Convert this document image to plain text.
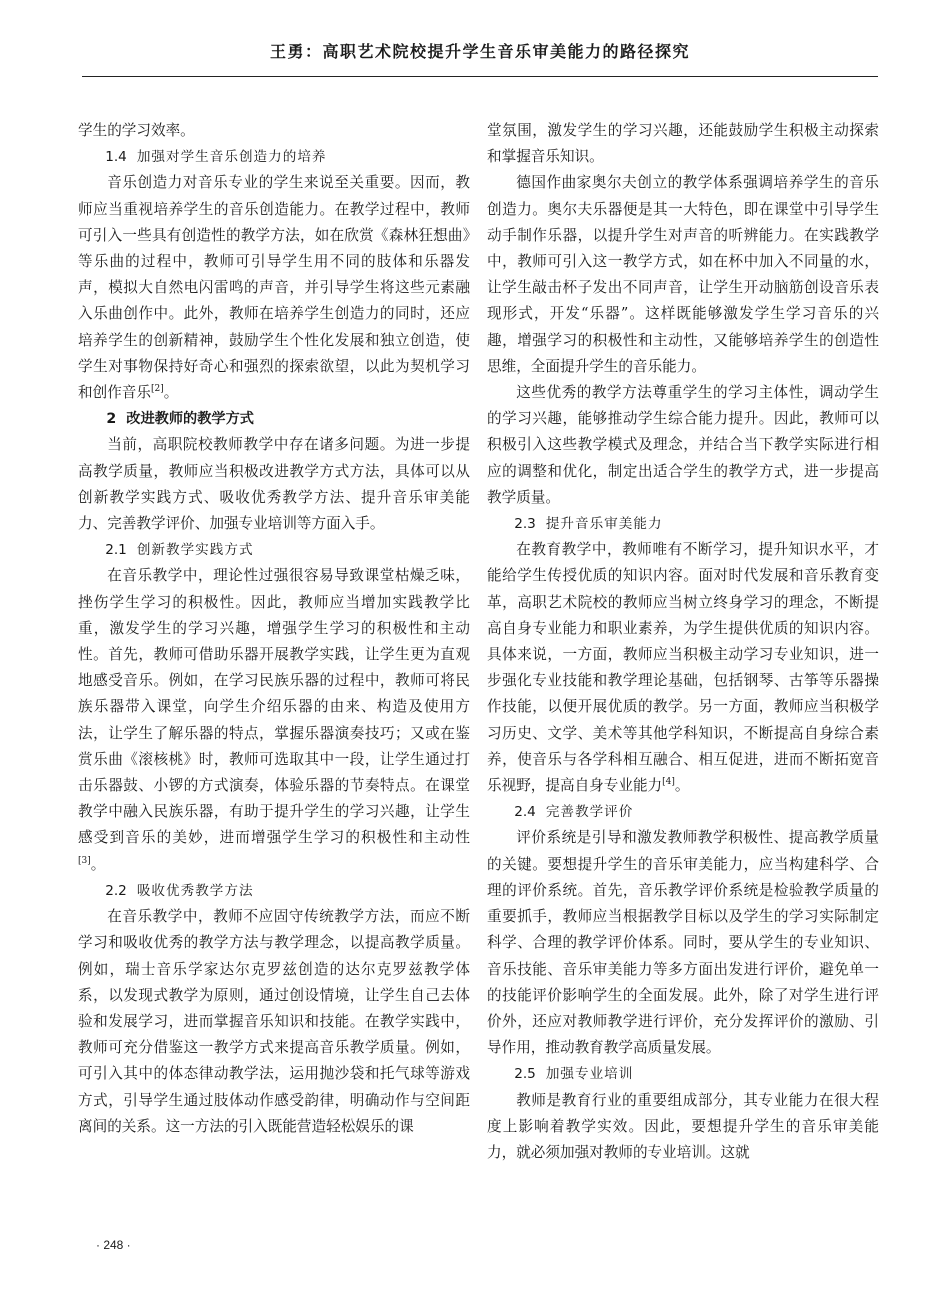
王勇：高职艺术院校提升学生音乐审美能力的路径探究

学生的学习效率。

1.4 加强对学生音乐创造力的培养

音乐创造力对音乐专业的学生来说至关重要。因而，教师应当重视培养学生的音乐创造能力。在教学过程中，教师可引入一些具有创造性的教学方法，如在欣赏《森林狂想曲》等乐曲的过程中，教师可引导学生用不同的肢体和乐器发声，模拟大自然电闪雷鸣的声音，并引导学生将这些元素融入乐曲创作中。此外，教师在培养学生创造力的同时，还应培养学生的创新精神，鼓励学生个性化发展和独立创造，使学生对事物保持好奇心和强烈的探索欲望，以此为契机学习和创作音乐[2]。

2 改进教师的教学方式

当前，高职院校教师教学中存在诸多问题。为进一步提高教学质量，教师应当积极改进教学方式方法，具体可以从创新教学实践方式、吸收优秀教学方法、提升音乐审美能力、完善教学评价、加强专业培训等方面入手。

2.1 创新教学实践方式

在音乐教学中，理论性过强很容易导致课堂枯燥乏味，挫伤学生学习的积极性。因此，教师应当增加实践教学比重，激发学生的学习兴趣，增强学生学习的积极性和主动性。首先，教师可借助乐器开展教学实践，让学生更为直观地感受音乐。例如，在学习民族乐器的过程中，教师可将民族乐器带入课堂，向学生介绍乐器的由来、构造及使用方法，让学生了解乐器的特点，掌握乐器演奏技巧；又或在鉴赏乐曲《滚核桃》时，教师可选取其中一段，让学生通过打击乐器鼓、小锣的方式演奏，体验乐器的节奏特点。在课堂教学中融入民族乐器，有助于提升学生的学习兴趣，让学生感受到音乐的美妙，进而增强学生学习的积极性和主动性[3]。

2.2 吸收优秀教学方法

在音乐教学中，教师不应固守传统教学方法，而应不断学习和吸收优秀的教学方法与教学理念，以提高教学质量。例如，瑞士音乐学家达尔克罗兹创造的达尔克罗兹教学体系，以发现式教学为原则，通过创设情境，让学生自己去体验和发展学习，进而掌握音乐知识和技能。在教学实践中，教师可充分借鉴这一教学方式来提高音乐教学质量。例如，可引入其中的体态律动教学法，运用抛沙袋和托气球等游戏方式，引导学生通过肢体动作感受韵律，明确动作与空间距离间的关系。这一方法的引入既能营造轻松娱乐的课

堂氛围，激发学生的学习兴趣，还能鼓励学生积极主动探索和掌握音乐知识。

德国作曲家奥尔夫创立的教学体系强调培养学生的音乐创造力。奥尔夫乐器便是其一大特色，即在课堂中引导学生动手制作乐器，以提升学生对声音的听辨能力。在实践教学中，教师可引入这一教学方式，如在杯中加入不同量的水，让学生敲击杯子发出不同声音，让学生开动脑筋创设音乐表现形式，开发“乐器”。这样既能够激发学生学习音乐的兴趣，增强学习的积极性和主动性，又能够培养学生的创造性思维，全面提升学生的音乐能力。

这些优秀的教学方法尊重学生的学习主体性，调动学生的学习兴趣，能够推动学生综合能力提升。因此，教师可以积极引入这些教学模式及理念，并结合当下教学实际进行相应的调整和优化，制定出适合学生的教学方式，进一步提高教学质量。

2.3 提升音乐审美能力

在教育教学中，教师唯有不断学习，提升知识水平，才能给学生传授优质的知识内容。面对时代发展和音乐教育变革，高职艺术院校的教师应当树立终身学习的理念，不断提高自身专业能力和职业素养，为学生提供优质的知识内容。具体来说，一方面，教师应当积极主动学习专业知识，进一步强化专业技能和教学理论基础，包括钢琴、古筝等乐器操作技能，以便开展优质的教学。另一方面，教师应当积极学习历史、文学、美术等其他学科知识，不断提高自身综合素养，使音乐与各学科相互融合、相互促进，进而不断拓宽音乐视野，提高自身专业能力[4]。

2.4 完善教学评价

评价系统是引导和激发教师教学积极性、提高教学质量的关键。要想提升学生的音乐审美能力，应当构建科学、合理的评价系统。首先，音乐教学评价系统是检验教学质量的重要抓手，教师应当根据教学目标以及学生的学习实际制定科学、合理的教学评价体系。同时，要从学生的专业知识、音乐技能、音乐审美能力等多方面出发进行评价，避免单一的技能评价影响学生的全面发展。此外，除了对学生进行评价外，还应对教师教学进行评价，充分发挥评价的激励、引导作用，推动教育教学高质量发展。

2.5 加强专业培训

教师是教育行业的重要组成部分，其专业能力在很大程度上影响着教学实效。因此，要想提升学生的音乐审美能力，就必须加强对教师的专业培训。这就

· 248 ·
